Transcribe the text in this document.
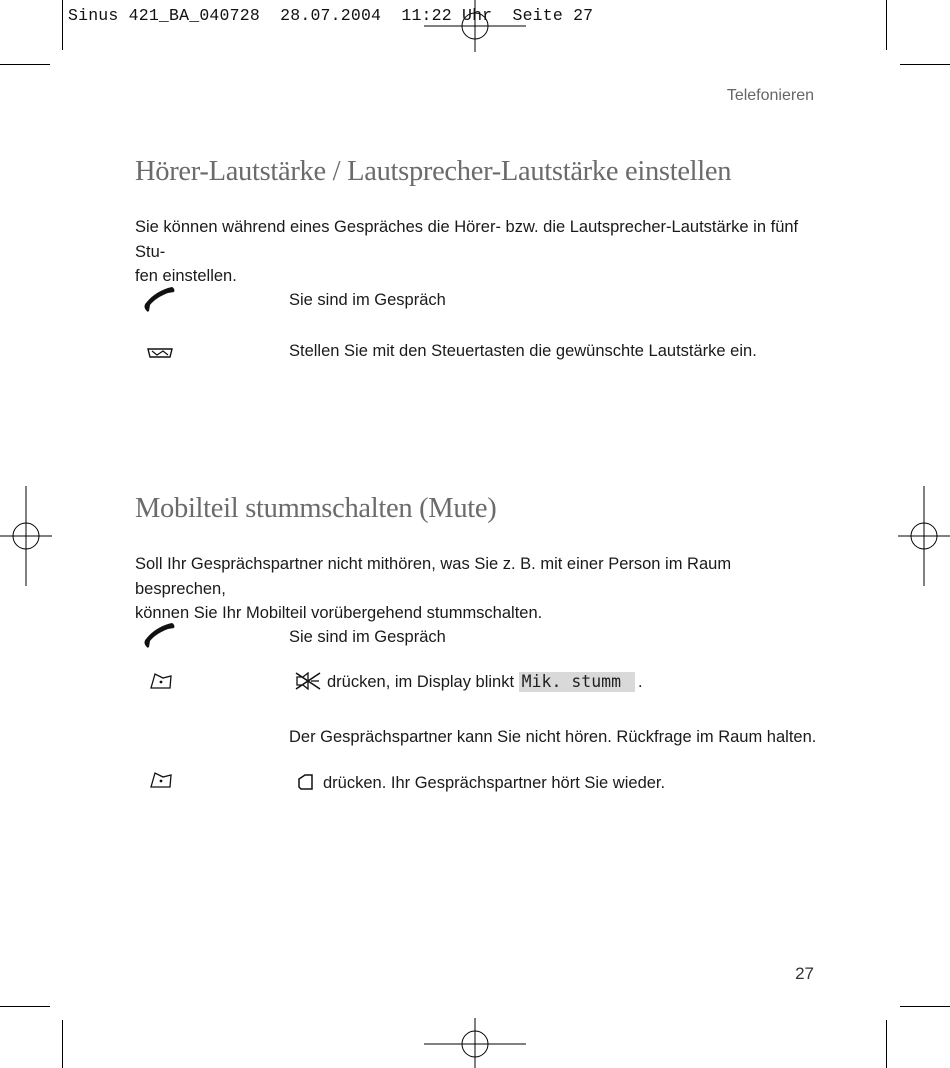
Sinus 421_BA_040728  28.07.2004  11:22 Uhr  Seite 27
Telefonieren
Hörer-Lautstärke / Lautsprecher-Lautstärke einstellen
Sie können während eines Gespräches die Hörer- bzw. die Lautsprecher-Lautstärke in fünf Stu-
fen einstellen.
Sie sind im Gespräch
Stellen Sie mit den Steuertasten die gewünschte Lautstärke ein.
Mobilteil stummschalten (Mute)
Soll Ihr Gesprächspartner nicht mithören, was Sie z. B. mit einer Person im Raum besprechen,
können Sie Ihr Mobilteil vorübergehend stummschalten.
Sie sind im Gespräch
drücken, im Display blinkt Mik. stumm .
Der Gesprächspartner kann Sie nicht hören. Rückfrage im Raum halten.
drücken. Ihr Gesprächspartner hört Sie wieder.
27
